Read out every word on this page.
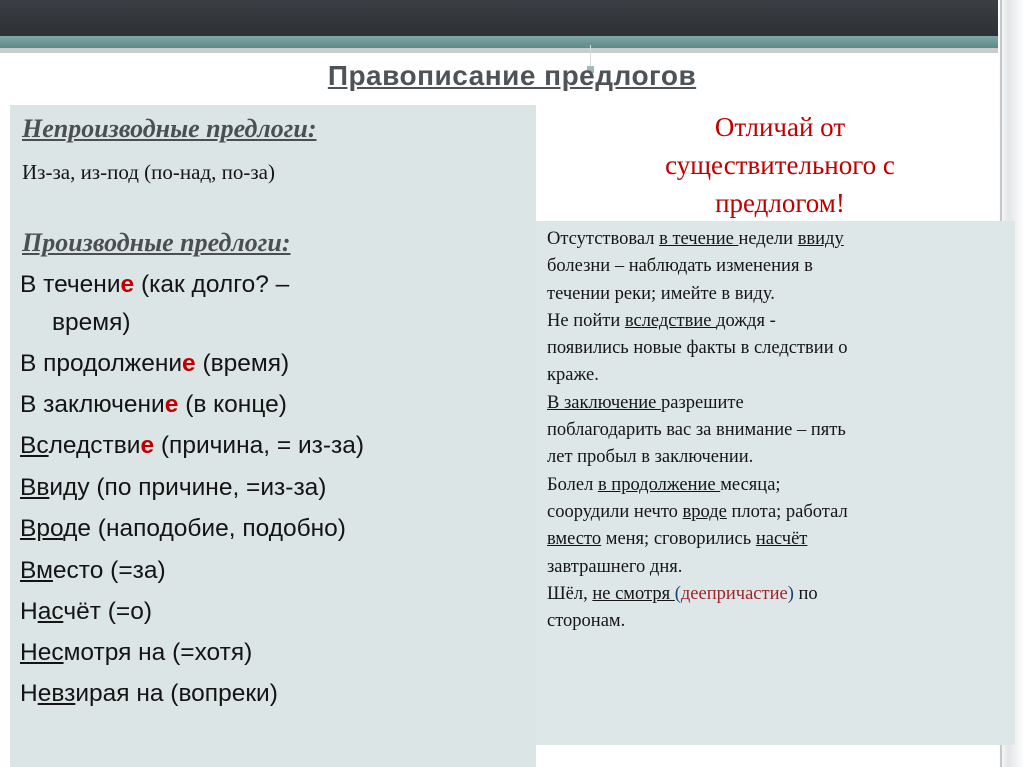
Правописание предлогов
Непроизводные предлоги:
Из-за, из-под (по-над, по-за)
Производные предлоги:
В течение (как долго? –
время)
В продолжение (время)
В заключение (в конце)
Вследствие (причина, = из-за)
Ввиду (по причине, =из-за)
Вроде (наподобие, подобно)
Вместо (=за)
Насчёт (=о)
Несмотря на (=хотя)
Невзирая на (вопреки)
Отличай от
существительного с
предлогом!
Отсутствовал в течение недели ввиду
болезни – наблюдать изменения в
течении реки; имейте в виду.
Не пойти вследствие дождя -
появились новые факты в следствии о
краже.
В заключение разрешите
поблагодарить вас за внимание – пять
лет пробыл в заключении.
Болел в продолжение месяца;
соорудили нечто вроде плота; работал
вместо меня; сговорились насчёт
завтрашнего дня.
Шёл, не смотря (деепричастие) по
сторонам.
